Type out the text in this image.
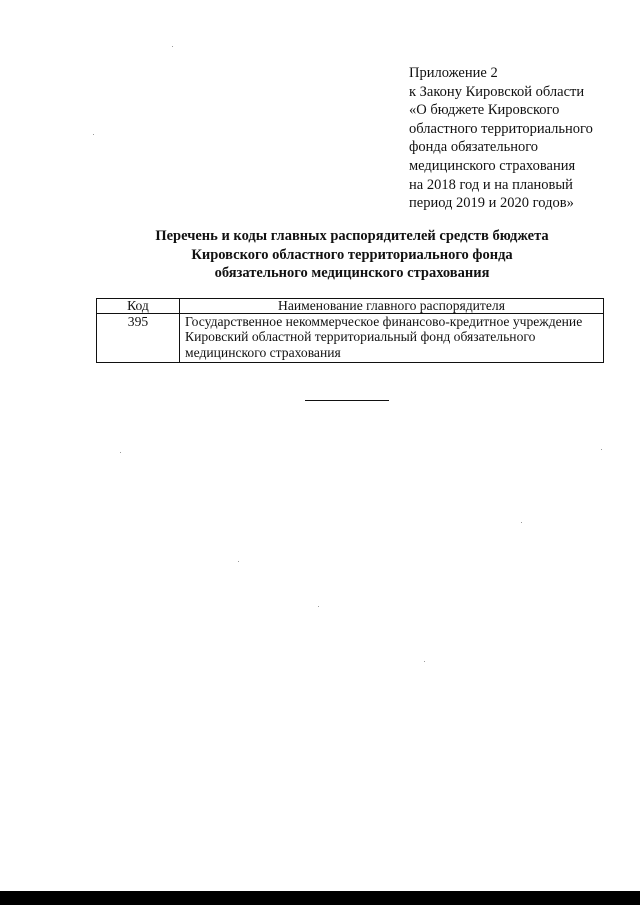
Приложение 2
к Закону Кировской области
«О бюджете Кировского
областного территориального
фонда обязательного
медицинского страхования
на 2018 год и на плановый
период 2019 и 2020 годов»
Перечень и коды главных распорядителей средств бюджета
Кировского областного территориального фонда
обязательного медицинского страхования
Код	Наименование главного распорядителя
395	Государственное некоммерческое финансово-кредитное учреждение
Кировский областной территориальный фонд обязательного
медицинского страхования
